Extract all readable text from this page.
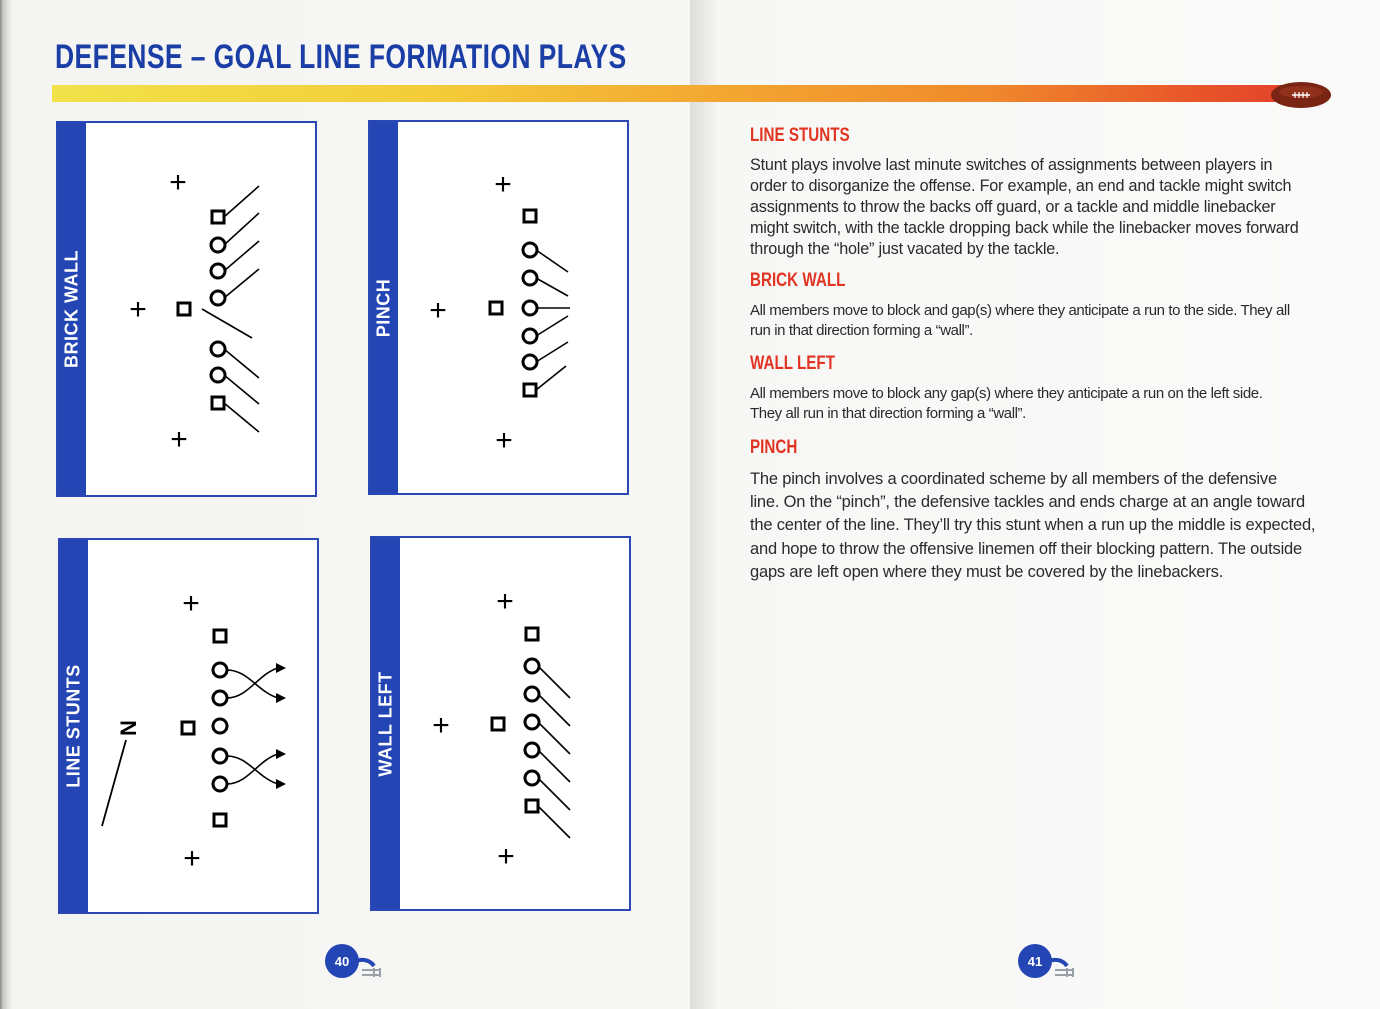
DEFENSE – GOAL LINE FORMATION PLAYS
BRICK WALL
+
+
+
PINCH
+
+
+
LINE STUNTS
+
+
N	WALL LEFT
+
+
+
LINE STUNTS
Stunt plays involve last minute switches of assignments between players in
order to disorganize the offense. For example, an end and tackle might switch
assignments to throw the backs off guard, or a tackle and middle linebacker
might switch, with the tackle dropping back while the linebacker moves forward
through the “hole” just vacated by the tackle.
BRICK WALL
All members move to block and gap(s) where they anticipate a run to the side. They all
run in that direction forming a “wall”.
WALL LEFT
All members move to block any gap(s) where they anticipate a run on the left side.
They all run in that direction forming a “wall”.
PINCH
The pinch involves a coordinated scheme by all members of the defensive
line. On the “pinch”, the defensive tackles and ends charge at an angle toward
the center of the line. They’ll try this stunt when a run up the middle is expected,
and hope to throw the offensive linemen off their blocking pattern. The outside
gaps are left open where they must be covered by the linebackers.
40	41
